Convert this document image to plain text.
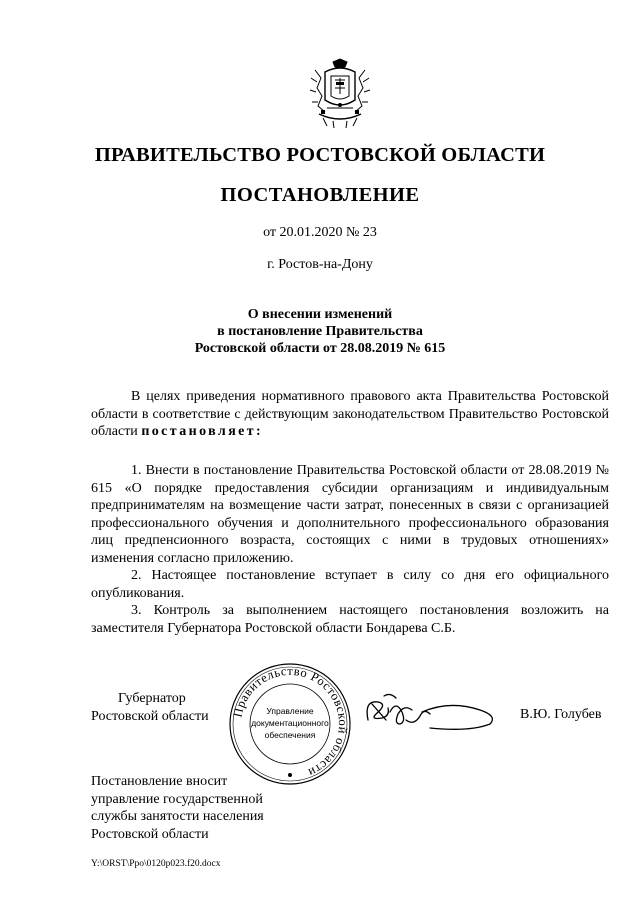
ПРАВИТЕЛЬСТВО РОСТОВСКОЙ ОБЛАСТИ
ПОСТАНОВЛЕНИЕ
от 20.01.2020 № 23
г. Ростов-на-Дону
О внесении изменений
в постановление Правительства
Ростовской области от 28.08.2019 № 615

В целях приведения нормативного правового акта Правительства Ростовской области в соответствие с действующим законодательством Правительство Ростовской области постановляет:

1. Внести в постановление Правительства Ростовской области от 28.08.2019 № 615 «О порядке предоставления субсидии организациям и индивидуальным предпринимателям на возмещение части затрат, понесенных в связи с организацией профессионального обучения и дополнительного профессионального образования лиц предпенсионного возраста, состоящих с ними в трудовых отношениях» изменения согласно приложению.

2. Настоящее постановление вступает в силу со дня его официального опубликования.

3. Контроль за выполнением настоящего постановления возложить на заместителя Губернатора Ростовской области Бондарева С.Б.

Губернатор
Ростовской области Правительство Ростовской области
Управление
документационного
обеспечения
В.Ю. Голубев
Постановление вносит
управление государственной
службы занятости населения
Ростовской области
Y:\ORST\Ppo\0120p023.f20.docx
